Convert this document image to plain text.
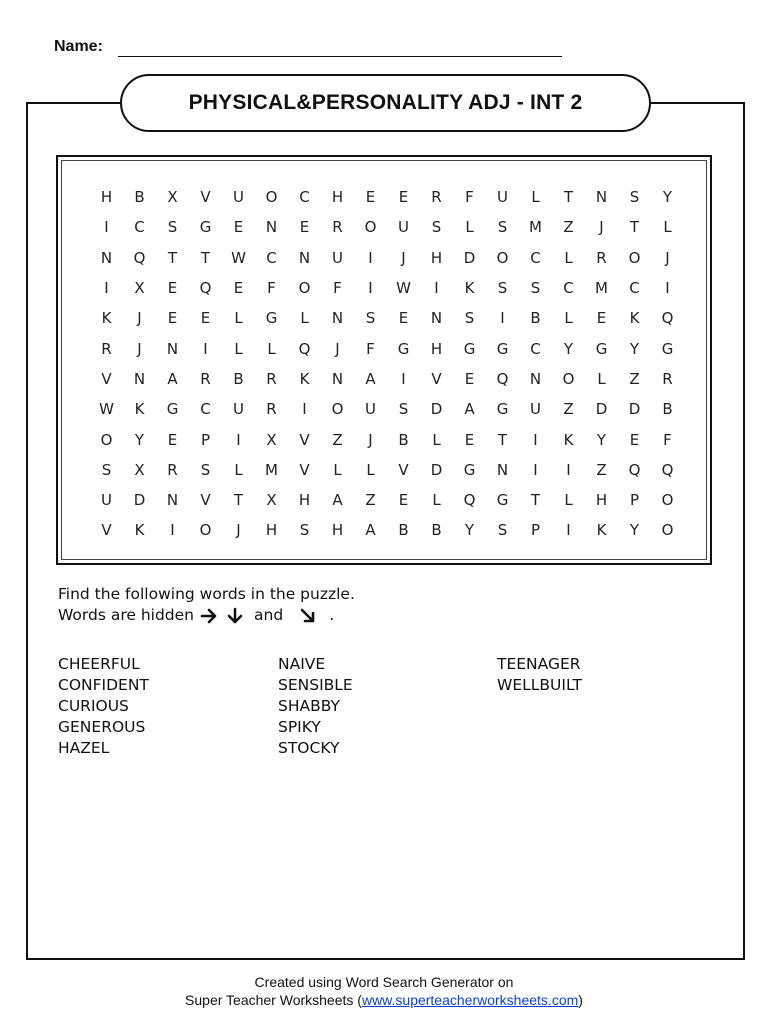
Name:
PHYSICAL&PERSONALITY ADJ - INT 2
H	B	X	V	U	O	C	H	E	E	R	F	U	L	T	N	S	Y
I	C	S	G	E	N	E	R	O	U	S	L	S	M	Z	J	T	L
N	Q	T	T	W	C	N	U	I	J	H	D	O	C	L	R	O	J
I	X	E	Q	E	F	O	F	I	W	I	K	S	S	C	M	C	I
K	J	E	E	L	G	L	N	S	E	N	S	I	B	L	E	K	Q
R	J	N	I	L	L	Q	J	F	G	H	G	G	C	Y	G	Y	G
V	N	A	R	B	R	K	N	A	I	V	E	Q	N	O	L	Z	R
W	K	G	C	U	R	I	O	U	S	D	A	G	U	Z	D	D	B
O	Y	E	P	I	X	V	Z	J	B	L	E	T	I	K	Y	E	F
S	X	R	S	L	M	V	L	L	V	D	G	N	I	I	Z	Q	Q
U	D	N	V	T	X	H	A	Z	E	L	Q	G	T	L	H	P	O
V	K	I	O	J	H	S	H	A	B	B	Y	S	P	I	K	Y	O
Find the following words in the puzzle.
Words are hidden	and	.
CHEERFUL
CONFIDENT
CURIOUS
GENEROUS
HAZEL
NAIVE
SENSIBLE
SHABBY
SPIKY
STOCKY
TEENAGER
WELLBUILT
Created using Word Search Generator on
Super Teacher Worksheets (www.superteacherworksheets.com)
